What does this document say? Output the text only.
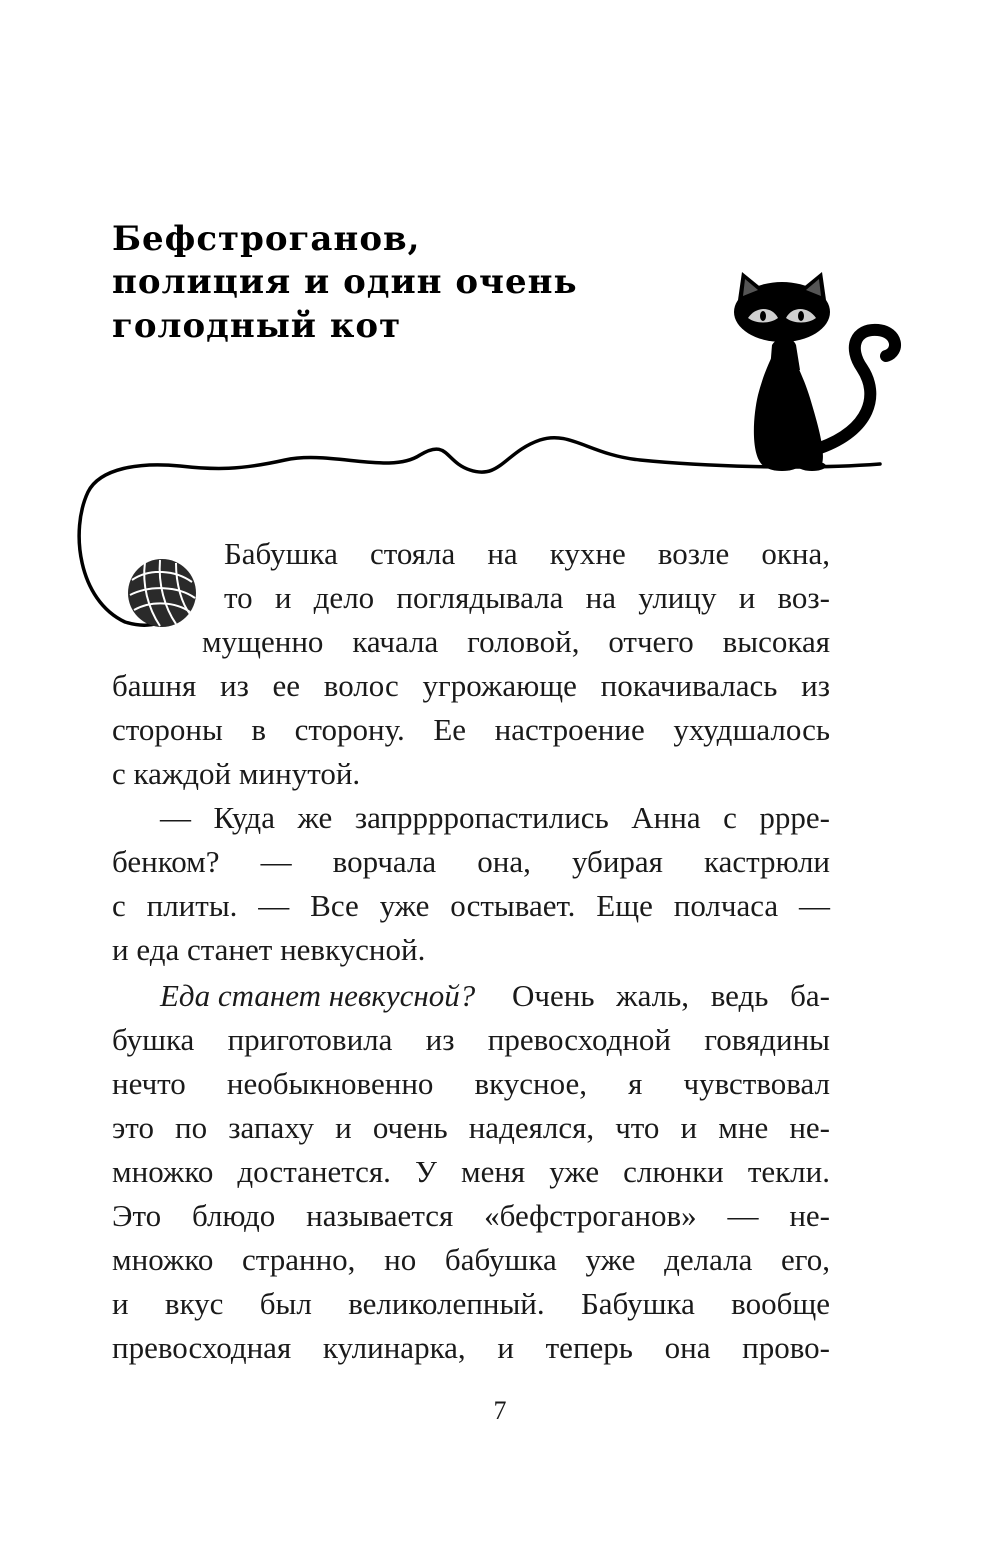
Бефстроганов,
полиция и один очень
голодный кот
Бабушка стояла на кухне возле окна,
то и дело поглядывала на улицу и воз-
мущенно качала головой, отчего высокая
башня из ее волос угрожающе покачивалась из
стороны в сторону. Ее настроение ухудшалось
с каждой минутой.
— Куда же запрррропастились Анна с ррре-
бенком? — ворчала она, убирая кастрюли
с плиты. — Все уже остывает. Еще полчаса —
и еда станет невкусной.
Еда станет невкусной? Очень жаль, ведь ба-
бушка приготовила из превосходной говядины
нечто необыкновенно вкусное, я чувствовал
это по запаху и очень надеялся, что и мне не-
множко достанется. У меня уже слюнки текли.
Это блюдо называется «бефстроганов» — не-
множко странно, но бабушка уже делала его,
и вкус был великолепный. Бабушка вообще
превосходная кулинарка, и теперь она прово-
7
